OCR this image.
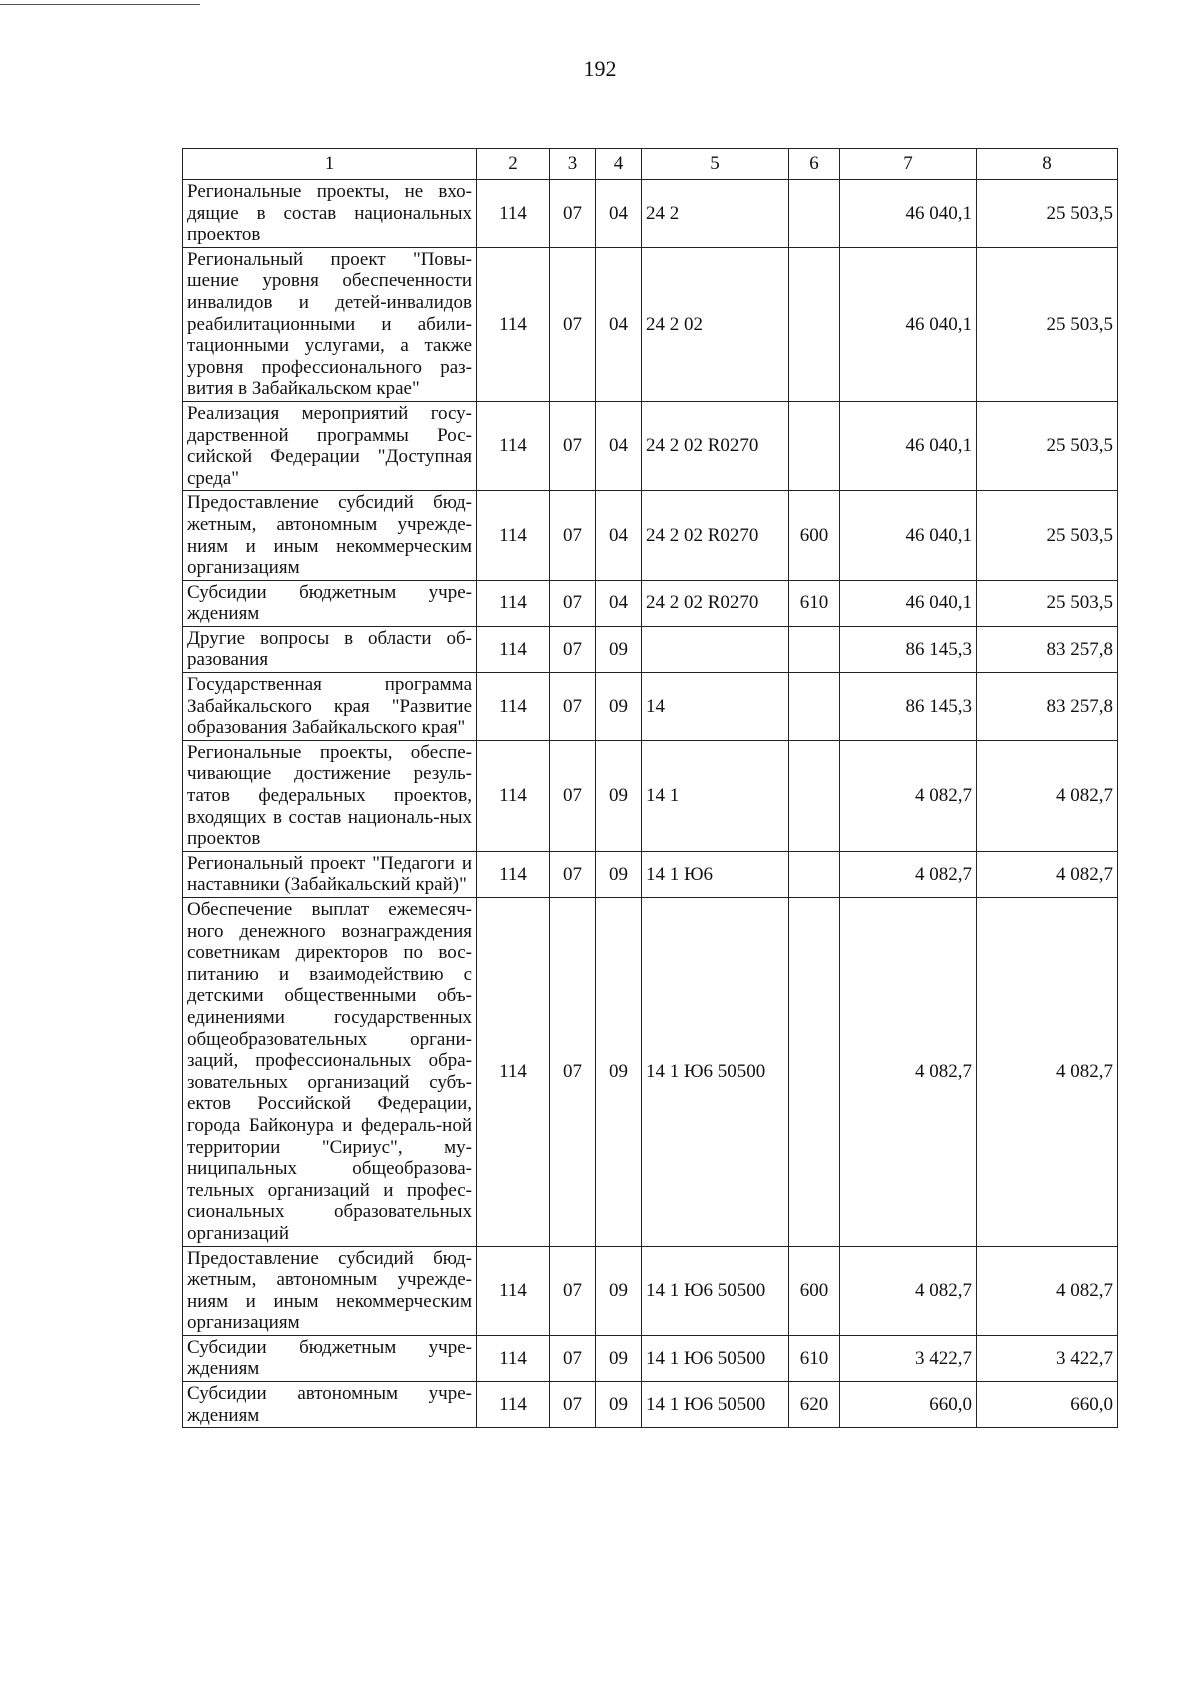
192
1	2	3	4	5	6	7	8
Региональные проекты, не вхо-дящие в состав национальных проектов	114	07	04	24 2		46 040,1	25 503,5
Региональный проект "Повы-шение уровня обеспеченности инвалидов и детей-инвалидов реабилитационными и абили-тационными услугами, а также уровня профессионального раз-вития в Забайкальском крае"	114	07	04	24 2 02		46 040,1	25 503,5
Реализация мероприятий госу-дарственной программы Рос-сийской Федерации "Доступная среда"	114	07	04	24 2 02 R0270		46 040,1	25 503,5
Предоставление субсидий бюд-жетным, автономным учрежде-ниям и иным некоммерческим организациям	114	07	04	24 2 02 R0270	600	46 040,1	25 503,5
Субсидии бюджетным учре-ждениям	114	07	04	24 2 02 R0270	610	46 040,1	25 503,5
Другие вопросы в области об-разования	114	07	09			86 145,3	83 257,8
Государственная программа Забайкальского края "Развитие образования Забайкальского края"	114	07	09	14		86 145,3	83 257,8
Региональные проекты, обеспе-чивающие достижение резуль-татов федеральных проектов, входящих в состав националь-ных проектов	114	07	09	14 1		4 082,7	4 082,7
Региональный проект "Педагоги и наставники (Забайкальский край)"	114	07	09	14 1 Ю6		4 082,7	4 082,7
Обеспечение выплат ежемесяч-ного денежного вознаграждения советникам директоров по вос-питанию и взаимодействию с детскими общественными объ-единениями государственных общеобразовательных органи-заций, профессиональных обра-зовательных организаций субъ-ектов Российской Федерации, города Байконура и федераль-ной территории "Сириус", му-ниципальных общеобразова-тельных организаций и профес-сиональных образовательных организаций	114	07	09	14 1 Ю6 50500		4 082,7	4 082,7
Предоставление субсидий бюд-жетным, автономным учрежде-ниям и иным некоммерческим организациям	114	07	09	14 1 Ю6 50500	600	4 082,7	4 082,7
Субсидии бюджетным учре-ждениям	114	07	09	14 1 Ю6 50500	610	3 422,7	3 422,7
Субсидии автономным учре-ждениям	114	07	09	14 1 Ю6 50500	620	660,0	660,0
